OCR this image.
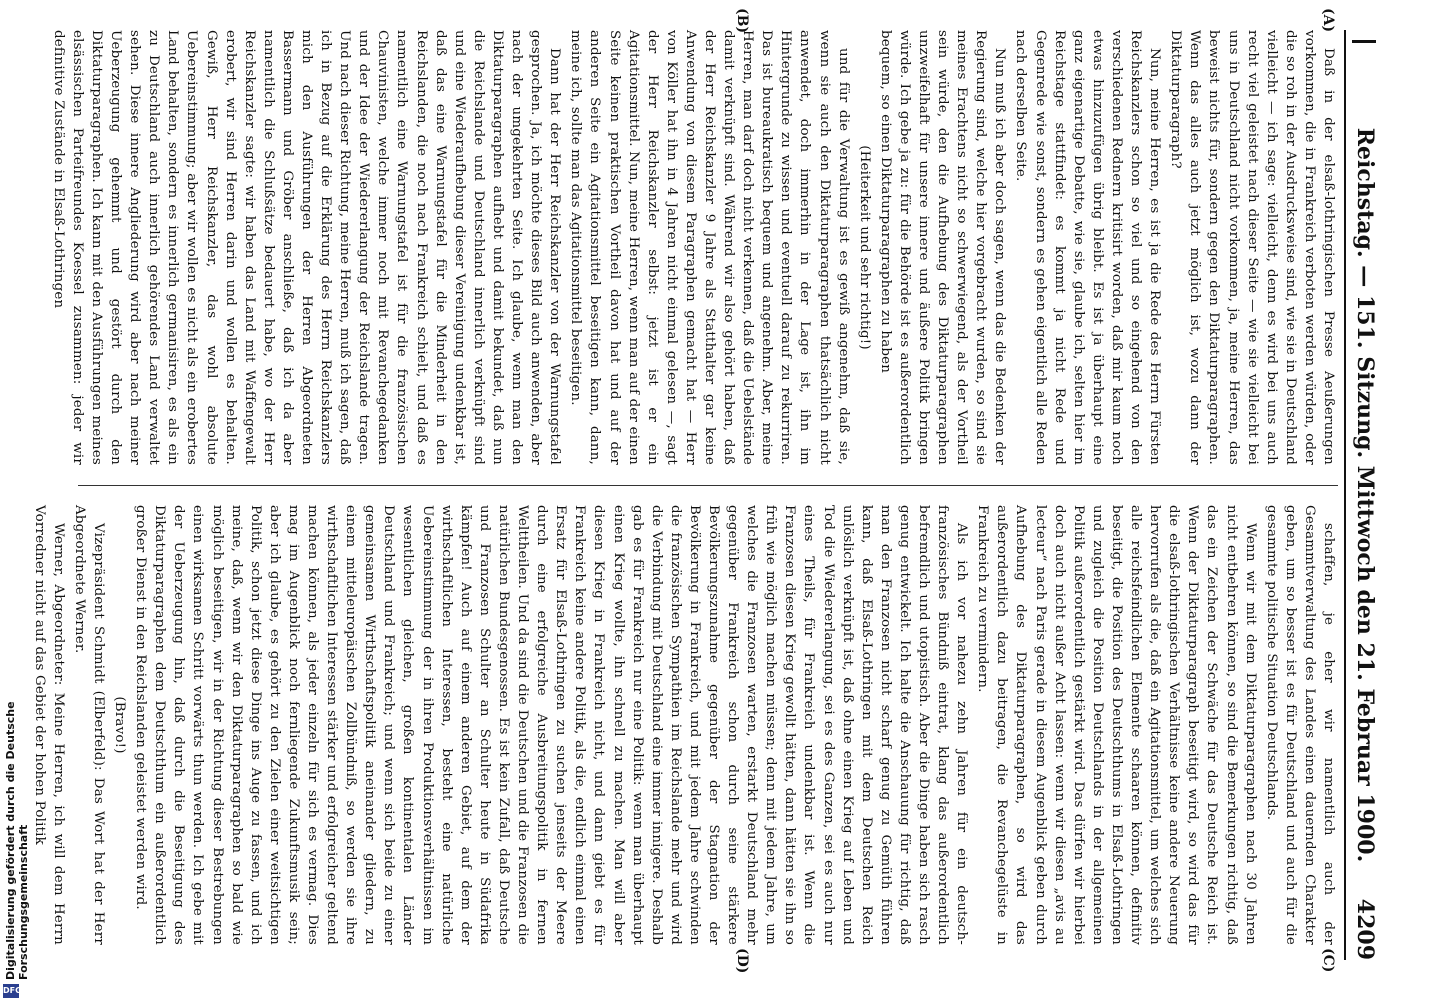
Reichstag. — 151. Sitzung. Mittwoch den 21. Februar 1900.
4209
(A)
(B)
(C)
(D)

Daß in der elsaß-lothringischen Presse Aeußerungen vorkommen, die in Frankreich verboten werden würden, oder die so roh in der Ausdrucksweise sind, wie sie in Deutschland vielleicht — ich sage: vielleicht, denn es wird bei uns auch recht viel geleistet nach dieser Seite — wie sie vielleicht bei uns in Deutschland nicht vorkommen, ja, meine Herren, das beweist nichts für, sondern gegen den Diktaturparagraphen. Wenn das alles auch jetzt möglich ist, wozu dann der Diktaturparagraph?

Nun, meine Herren, es ist ja die Rede des Herrn Fürsten Reichskanzlers schon so viel und so eingehend von den verschiedenen Rednern kritisirt worden, daß mir kaum noch etwas hinzuzufügen übrig bleibt. Es ist ja überhaupt eine ganz eigenartige Debatte, wie sie, glaube ich, selten hier im Reichstage stattfindet: es kommt ja nicht Rede und Gegenrede wie sonst, sondern es gehen eigentlich alle Reden nach derselben Seite.

Nun muß ich aber doch sagen, wenn das die Bedenken der Regierung sind, welche hier vorgebracht wurden, so sind sie meines Erachtens nicht so schwerwiegend, als der Vortheil sein würde, den die Aufhebung des Diktaturparagraphen unzweifelhaft für unsere innere und äußere Politik bringen würde. Ich gebe ja zu: für die Behörde ist es außerordentlich bequem, so einen Diktaturparagraphen zu haben

(Heiterkeit und sehr richtig!)

und für die Verwaltung ist es gewiß angenehm, daß sie, wenn sie auch den Diktaturparagraphen thatsächlich nicht anwendet, doch immerhin in der Lage ist, ihn im Hintergrunde zu wissen und eventuell darauf zu rekurriren. Das ist bureaukratisch bequem und angenehm. Aber, meine Herren, man darf doch nicht verkennen, daß die Uebelstände damit verknüpft sind. Während wir also gehört haben, daß der Herr Reichskanzler 9 Jahre als Statthalter gar keine Anwendung von diesem Paragraphen gemacht hat — Herr von Köller hat ihn in 4 Jahren nicht einmal gelesen —, sagt der Herr Reichskanzler selbst: jetzt ist er ein Agitationsmittel. Nun, meine Herren, wenn man auf der einen Seite keinen praktischen Vortheil davon hat und auf der anderen Seite ein Agitationsmittel beseitigen kann, dann, meine ich, sollte man das Agitationsmittel beseitigen.

Dann hat der Herr Reichskanzler von der Warnungstafel gesprochen. Ja, ich möchte dieses Bild auch anwenden, aber nach der umgekehrten Seite. Ich glaube, wenn man den Diktaturparagraphen aufhebt und damit bekundet, daß nun die Reichslande und Deutschland innerlich verknüpft sind und eine Wiederaufhebung dieser Vereinigung undenkbar ist, daß das eine Warnungstafel für die Minderheit in den Reichslanden, die noch nach Frankreich schielt, und daß es namentlich eine Warnungstafel ist für die französischen Chauvinisten, welche immer noch mit Revanchegedanken und der Idee der Wiedererlangung der Reichslande tragen. Und nach dieser Richtung, meine Herren, muß ich sagen, daß ich in Bezug auf die Erklärung des Herrn Reichskanzlers mich den Ausführungen der Herren Abgeordneten Bassermann und Gröber anschließe, daß ich da aber namentlich die Schlußsätze bedauert habe, wo der Herr Reichskanzler sagte: wir haben das Land mit Waffengewalt erobert, wir sind Herren darin und wollen es behalten. Gewiß, Herr Reichskanzler, das wohl absolute Uebereinstimmung; aber wir wollen es nicht als ein erobertes Land behalten, sondern es innerlich germanisiren, es als ein zu Deutschland auch innerlich gehörendes Land verwaltet sehen. Diese innere Angliederung wird aber nach meiner Ueberzeugung gehemmt und gestört durch den Diktaturparagraphen. Ich kann mit den Ausführungen meines elsässischen Parteifreundes Koessel zusammen: jeder wir definitive Zustände in Elsaß-Lothringen

schaffen, je eher wir namentlich auch der Gesammtverwaltung des Landes einen dauernden Charakter geben, um so besser ist es für Deutschland und auch für die gesammte politische Situation Deutschlands.

Wenn wir mit dem Diktaturparagraphen nach 30 Jahren nicht entbehren können, so sind die Bemerkungen richtig, daß das ein Zeichen der Schwäche für das Deutsche Reich ist. Wenn der Diktaturparagraph beseitigt wird, so wird das für die elsaß-lothringischen Verhältnisse keine andere Neuerung hervorrufen als die, daß ein Agitationsmittel, um welches sich alle reichsfeindlichen Elemente schaaren können, definitiv beseitigt, die Position des Deutschthums in Elsaß-Lothringen und zugleich die Position Deutschlands in der allgemeinen Politik außerordentlich gestärkt wird. Das dürfen wir hierbei doch auch nicht außer Acht lassen: wenn wir diesen „avis au lecteur“ nach Paris gerade in diesem Augenblick geben durch Aufhebung des Diktaturparagraphen, so wird das außerordentlich dazu beitragen, die Revanchegelüste in Frankreich zu vermindern.

Als ich vor nahezu zehn Jahren für ein deutsch-französisches Bündniß eintrat, klang das außerordentlich befremdlich und utopistisch. Aber die Dinge haben sich rasch genug entwickelt. Ich halte die Anschauung für richtig, daß man den Franzosen nicht scharf genug zu Gemüth führen kann, daß Elsaß-Lothringen mit dem Deutschen Reich unlöslich verknüpft ist, daß ohne einen Krieg auf Leben und Tod die Wiedererlangung, sei es des Ganzen, sei es auch nur eines Theils, für Frankreich undenkbar ist. Wenn die Franzosen diesen Krieg gewollt hätten, dann hätten sie ihn so früh wie möglich machen müssen; denn mit jedem Jahre, um welches die Franzosen warten, erstarkt Deutschland mehr gegenüber Frankreich schon durch seine stärkere Bevölkerungszunahme gegenüber der Stagnation der Bevölkerung in Frankreich, und mit jedem Jahre schwinden die französischen Sympathien im Reichslande mehr und wird die Verbindung mit Deutschland eine immer innigere. Deshalb gab es für Frankreich nur eine Politik: wenn man überhaupt einen Krieg wollte, ihn schnell zu machen. Man will aber diesen Krieg in Frankreich nicht, und dann giebt es für Frankreich keine andere Politik, als die, endlich einmal einen Ersatz für Elsaß-Lothringen zu suchen jenseits der Meere durch eine erfolgreiche Ausbreitungspolitik in fernen Welttheilen. Und da sind die Deutschen und die Franzosen die natürlichen Bundesgenossen. Es ist kein Zufall, daß Deutsche und Franzosen Schulter an Schulter heute in Südafrika kämpfen! Auch auf einem anderen Gebiet, auf dem der wirthschaftlichen Interessen, besteht eine natürliche Uebereinstimmung der in ihren Produktionsverhältnissen im wesentlichen gleichen, großen kontinentalen Länder Deutschland und Frankreich; und wenn sich beide zu einer gemeinsamen Wirthschaftspolitik aneinander gliedern, zu einem mitteleuropäischen Zollbündniß, so werden sie ihre wirthschaftlichen Interessen stärker und erfolgreicher geltend machen können, als jeder einzeln für sich es vermag. Dies mag im Augenblick noch fernliegende Zukunftsmusik sein; aber ich glaube, es gehört zu den Zielen einer weitsichtigen Politik, schon jetzt diese Dinge ins Auge zu fassen, und ich meine, daß, wenn wir den Diktaturparagraphen so bald wie möglich beseitigen, wir in der Richtung dieser Bestrebungen einen wirksamen Schritt vorwärts thun werden. Ich gebe mit der Ueberzeugung hin, daß durch die Beseitigung des Diktaturparagraphen dem Deutschthum ein außerordentlich großer Dienst in den Reichslanden geleistet werden wird.

(Bravo!)

Vizepräsident Schmidt (Elberfeld): Das Wort hat der Herr Abgeordnete Werner.

Werner, Abgeordneter: Meine Herren, ich will dem Herrn Vorredner nicht auf das Gebiet der hohen Politik

Digitalisierung gefördert durch die Deutsche Forschungsgemeinschaft
DFG
